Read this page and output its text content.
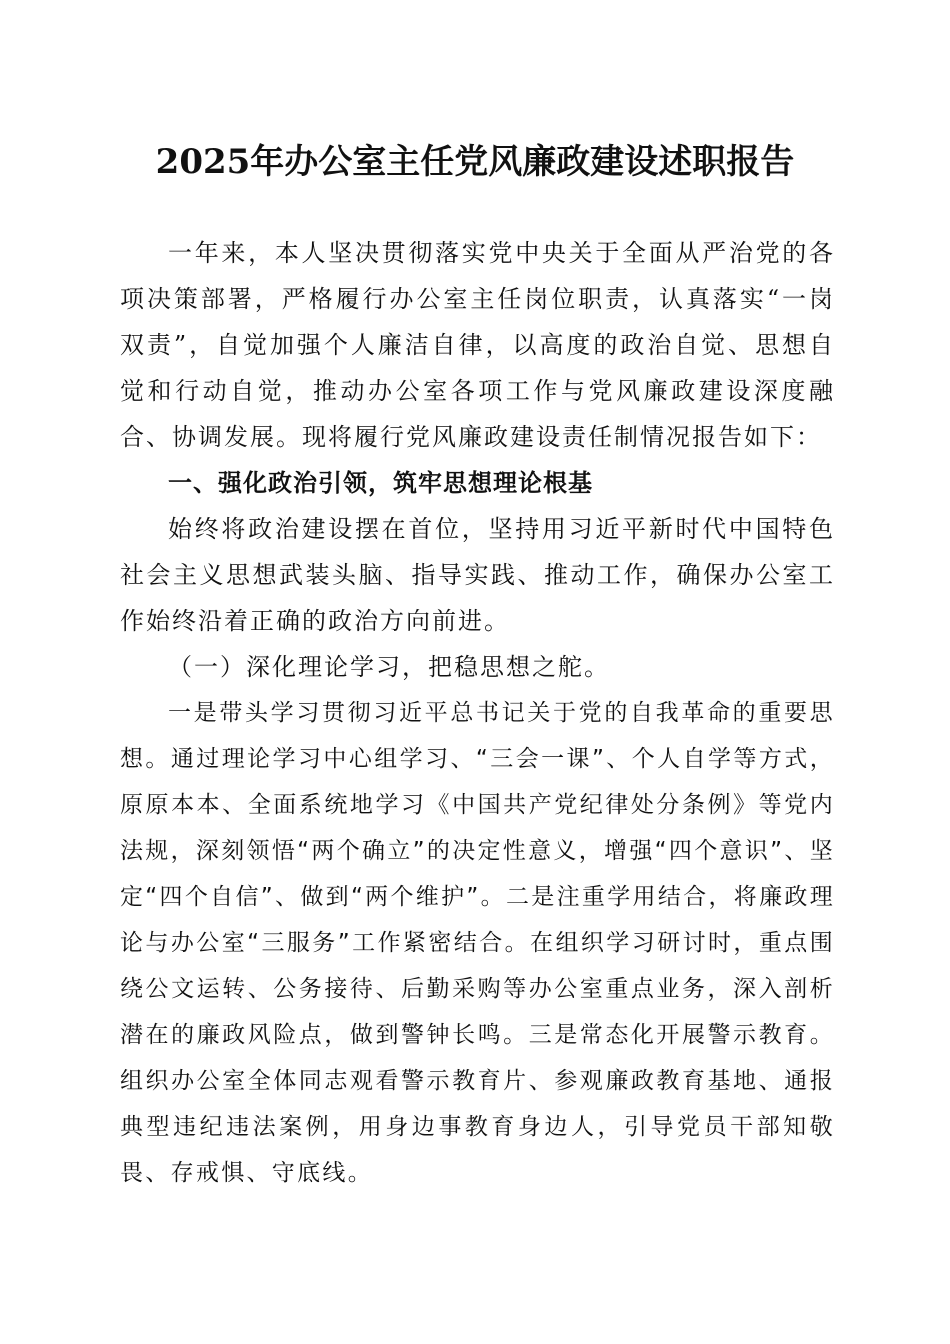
2025年办公室主任党风廉政建设述职报告

一年来，本人坚决贯彻落实党中央关于全面从严治党的各项决策部署，严格履行办公室主任岗位职责，认真落实“一岗双责”，自觉加强个人廉洁自律，以高度的政治自觉、思想自觉和行动自觉，推动办公室各项工作与党风廉政建设深度融合、协调发展。现将履行党风廉政建设责任制情况报告如下：

一、强化政治引领，筑牢思想理论根基

始终将政治建设摆在首位，坚持用习近平新时代中国特色社会主义思想武装头脑、指导实践、推动工作，确保办公室工作始终沿着正确的政治方向前进。

（一）深化理论学习，把稳思想之舵。

一是带头学习贯彻习近平总书记关于党的自我革命的重要思想。通过理论学习中心组学习、“三会一课”、个人自学等方式，原原本本、全面系统地学习《中国共产党纪律处分条例》等党内法规，深刻领悟“两个确立”的决定性意义，增强“四个意识”、坚定“四个自信”、做到“两个维护”。二是注重学用结合，将廉政理论与办公室“三服务”工作紧密结合。在组织学习研讨时，重点围绕公文运转、公务接待、后勤采购等办公室重点业务，深入剖析潜在的廉政风险点，做到警钟长鸣。三是常态化开展警示教育。组织办公室全体同志观看警示教育片、参观廉政教育基地、通报典型违纪违法案例，用身边事教育身边人，引导党员干部知敬畏、存戒惧、守底线。
